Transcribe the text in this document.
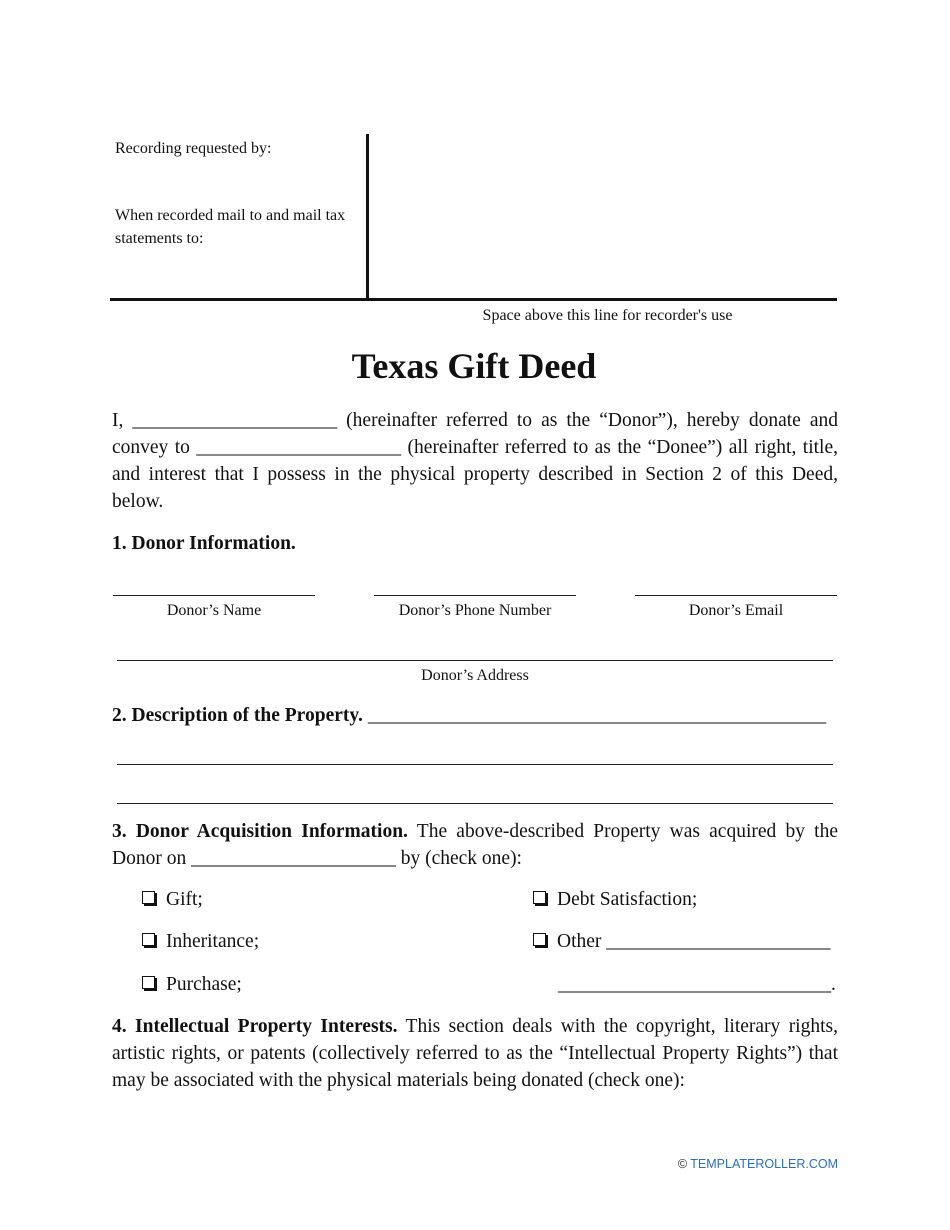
Recording requested by:
When recorded mail to and mail tax statements to:
Space above this line for recorder's use
Texas Gift Deed
I, _____________________ (hereinafter referred to as the “Donor”), hereby donate and convey to _____________________ (hereinafter referred to as the “Donee”) all right, title, and interest that I possess in the physical property described in Section 2 of this Deed, below.
1. Donor Information.
Donor’s Name	Donor’s Phone Number	Donor’s Email
Donor’s Address
2. Description of the Property. _______________________________________________
3. Donor Acquisition Information. The above-described Property was acquired by the Donor on _____________________ by (check one):
Gift;
Inheritance;
Purchase;
Debt Satisfaction;
Other _______________________
____________________________.
4. Intellectual Property Interests. This section deals with the copyright, literary rights, artistic rights, or patents (collectively referred to as the “Intellectual Property Rights”) that may be associated with the physical materials being donated (check one):
© TEMPLATEROLLER.COM
